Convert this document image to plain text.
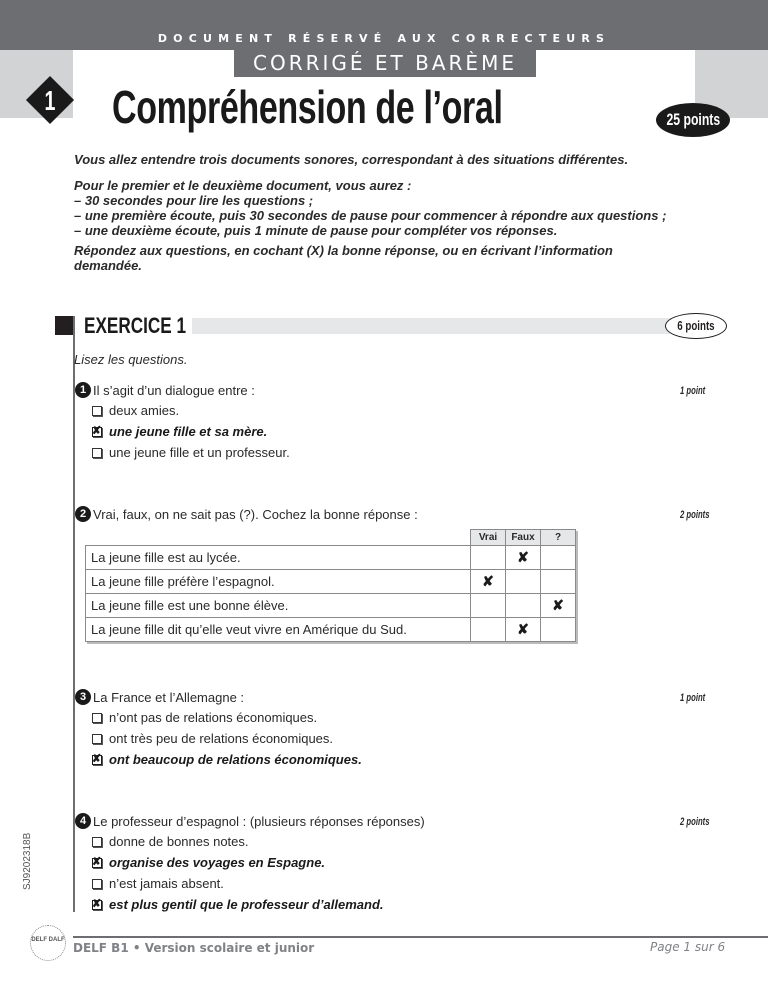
DOCUMENT RÉSERVÉ AUX CORRECTEURS
CORRIGÉ ET BARÈME
1 Compréhension de l’oral	25 points
Vous allez entendre trois documents sonores, correspondant à des situations différentes.
Pour le premier et le deuxième document, vous aurez :
– 30 secondes pour lire les questions ;
– une première écoute, puis 30 secondes de pause pour commencer à répondre aux questions ;
– une deuxième écoute, puis 1 minute de pause pour compléter vos réponses.
Répondez aux questions, en cochant (X) la bonne réponse, ou en écrivant l’information
demandée.
EXERCICE 1	6 points
Lisez les questions.
1 Il s’agit d’un dialogue entre :	1 point
deux amies.
✘
une jeune fille et sa mère.
une jeune fille et un professeur.
2 Vrai, faux, on ne sait pas (?). Cochez la bonne réponse :	2 points
	Vrai	Faux	?
La jeune fille est au lycée.		✘	
La jeune fille préfère l’espagnol.	✘		
La jeune fille est une bonne élève.			✘
La jeune fille dit qu’elle veut vivre en Amérique du Sud.		✘	
3 La France et l’Allemagne :	1 point
n’ont pas de relations économiques.
ont très peu de relations économiques.
✘
ont beaucoup de relations économiques.
4 Le professeur d’espagnol : (plusieurs réponses réponses)	2 points
donne de bonnes notes.
✘
organise des voyages en Espagne.
n’est jamais absent.
✘
est plus gentil que le professeur d’allemand.
SJ92023​18B
DELF DALF
DELF B1 • Version scolaire et junior	Page 1 sur 6
